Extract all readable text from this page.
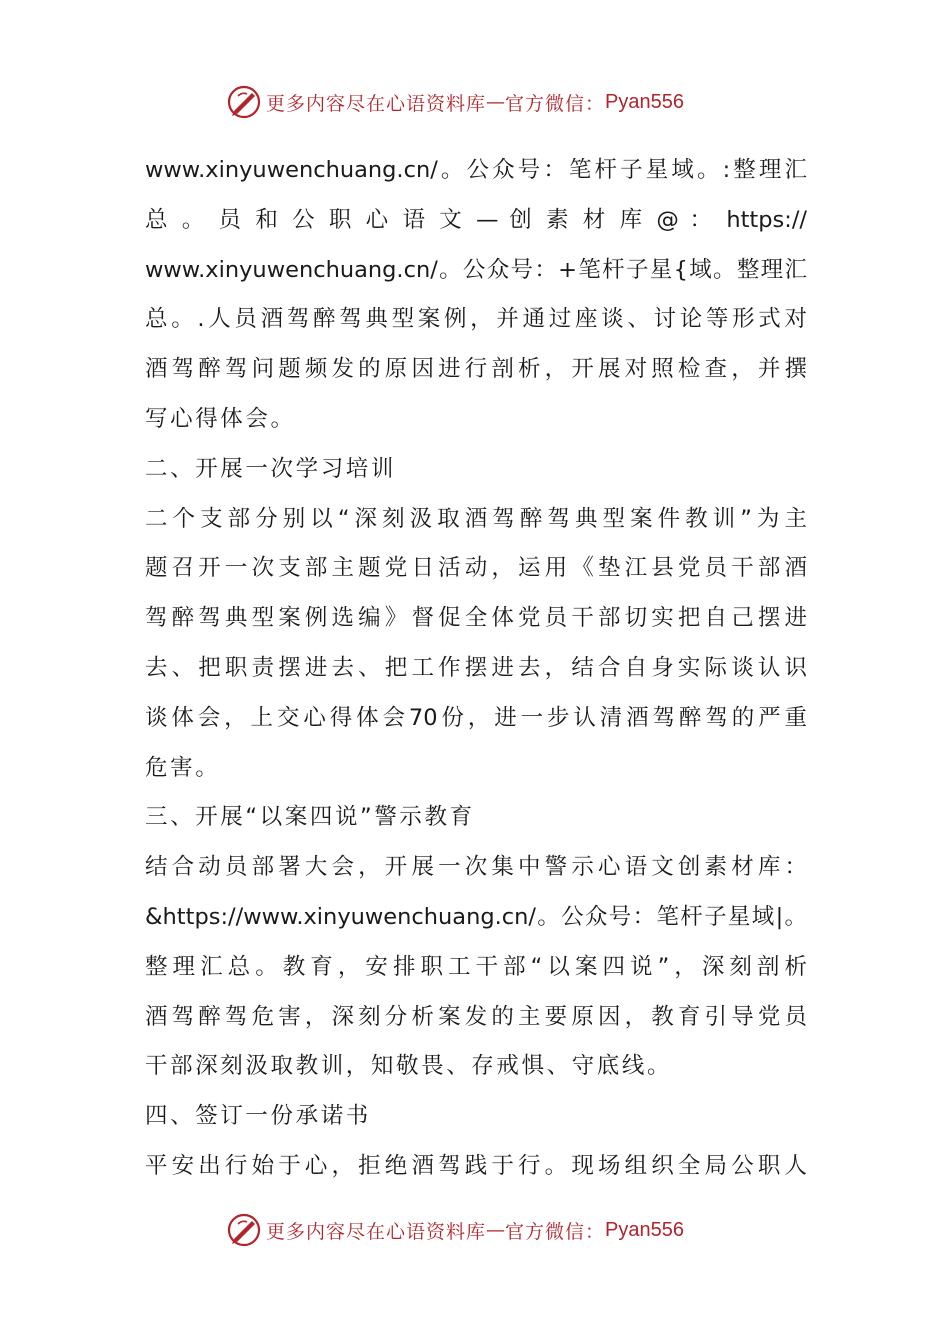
更多内容尽在心语资料库 — 官方微信： Pyan556
www.xinyuwenchuang.cn/。公众号：笔杆子星域。:整理汇
总 。 员 和 公 职 心 语 文 — 创 素 材 库 @ ： https://
www.xinyuwenchuang.cn/。公众号：+笔杆子星{域。整理汇
总。.人员酒驾醉驾典型案例，并通过座谈、讨论等形式对
酒驾醉驾问题频发的原因进行剖析，开展对照检查，并撰
写心得体会。
二、开展一次学习培训
二个支部分别以“深刻汲取酒驾醉驾典型案件教训”为主
题召开一次支部主题党日活动，运用《垫江县党员干部酒
驾醉驾典型案例选编》督促全体党员干部切实把自己摆进
去、把职责摆进去、把工作摆进去，结合自身实际谈认识
谈体会，上交心得体会70份，进一步认清酒驾醉驾的严重
危害。
三、开展“以案四说”警示教育
结合动员部署大会，开展一次集中警示心语文创素材库：
&https://www.xinyuwenchuang.cn/。公众号：笔杆子星域|。
整理汇总。教育，安排职工干部“以案四说”，深刻剖析
酒驾醉驾危害，深刻分析案发的主要原因，教育引导党员
干部深刻汲取教训，知敬畏、存戒惧、守底线。
四、签订一份承诺书
平安出行始于心，拒绝酒驾践于行。现场组织全局公职人
更多内容尽在心语资料库 — 官方微信： Pyan556
